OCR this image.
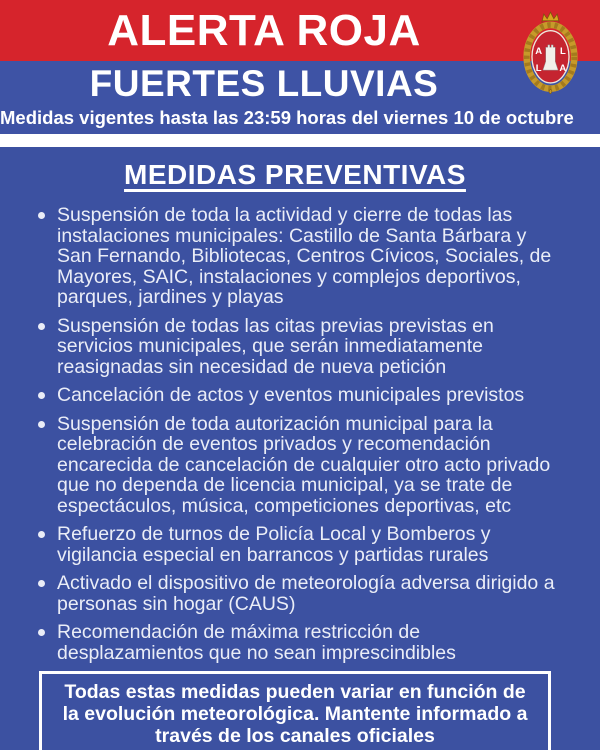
ALERTA ROJA
FUERTES LLUVIAS

Medidas vigentes hasta las 23:59 horas del viernes 10 de octubre

A L
L A
MEDIDAS PREVENTIVAS
Suspensión de toda la actividad y cierre de todas las instalaciones municipales: Castillo de Santa Bárbara y San Fernando, Bibliotecas, Centros Cívicos, Sociales, de Mayores, SAIC, instalaciones y complejos deportivos, parques, jardines y playas
Suspensión de todas las citas previas previstas en servicios municipales, que serán inmediatamente reasignadas sin necesidad de nueva petición
Cancelación de actos y eventos municipales previstos
Suspensión de toda autorización municipal para la celebración de eventos privados y recomendación encarecida de cancelación de cualquier otro acto privado que no dependa de licencia municipal, ya se trate de espectáculos, música, competiciones deportivas, etc
Refuerzo de turnos de Policía Local y Bomberos y vigilancia especial en barrancos y partidas rurales
Activado el dispositivo de meteorología adversa dirigido a personas sin hogar (CAUS)
Recomendación de máxima restricción de desplazamientos que no sean imprescindibles

Todas estas medidas pueden variar en función de la evolución meteorológica. Mantente informado a través de los canales oficiales
